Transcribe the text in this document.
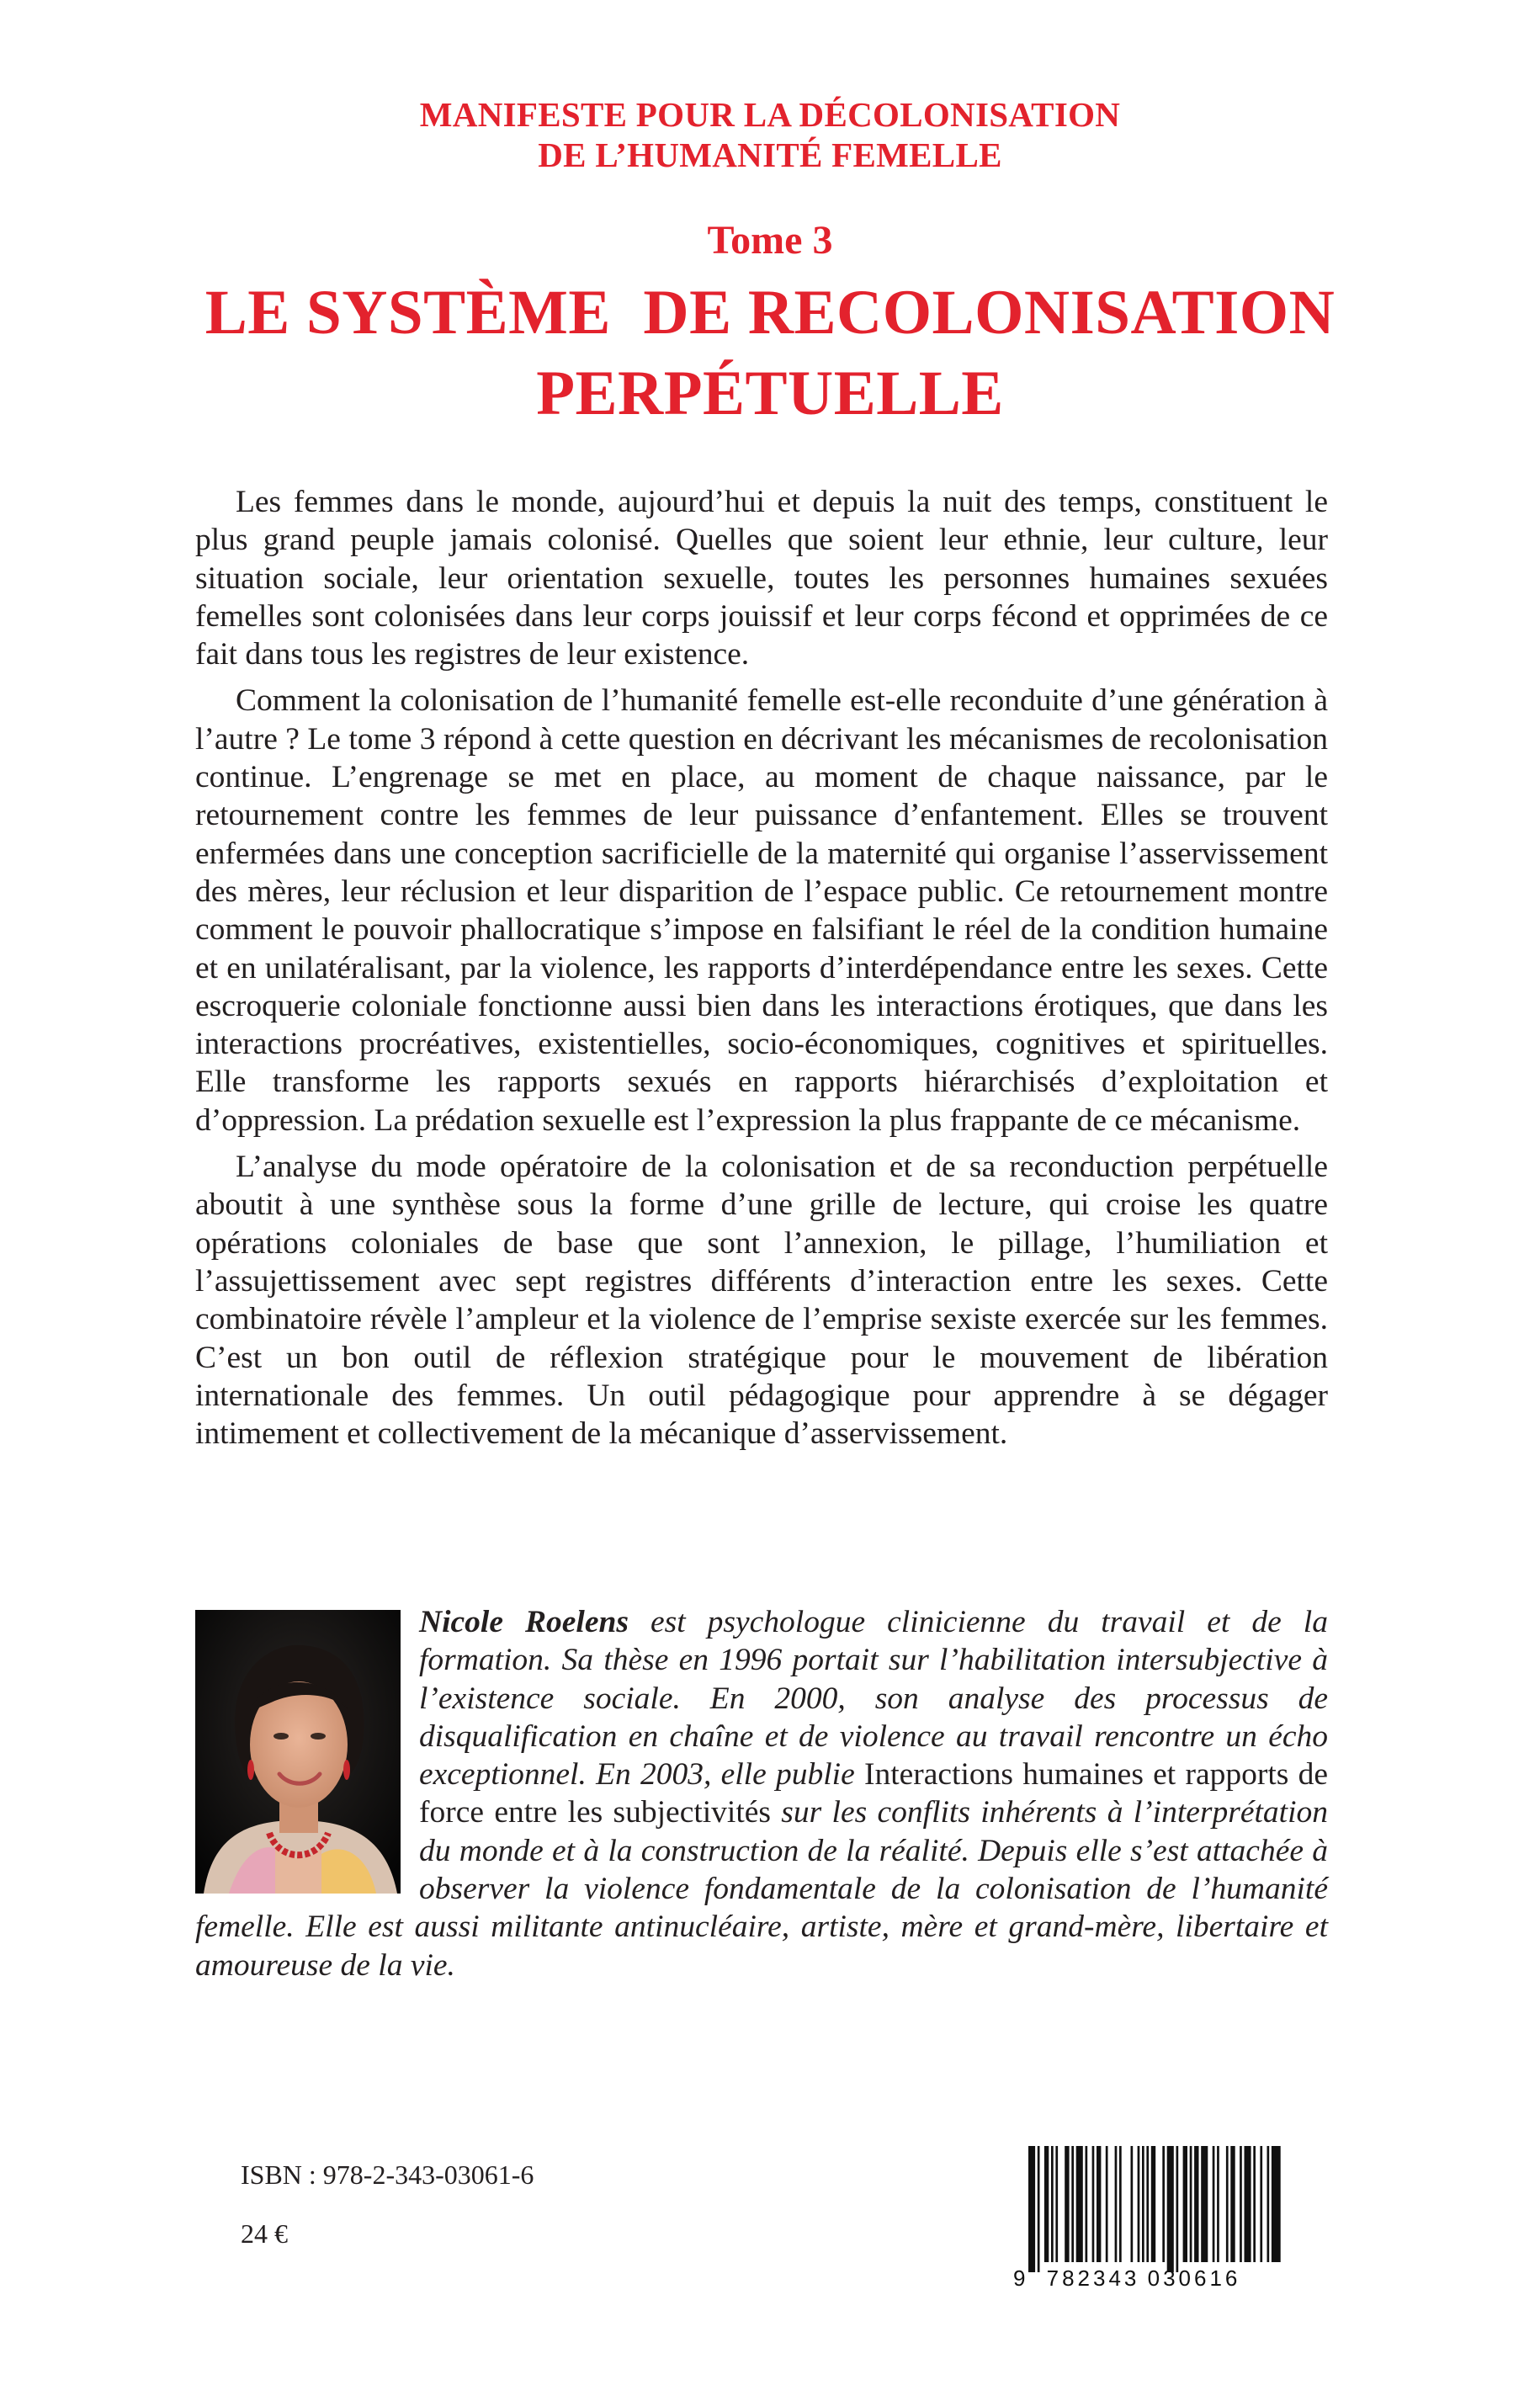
MANIFESTE POUR LA DÉCOLONISATION
DE L’HUMANITÉ FEMELLE
Tome 3
LE SYSTÈME  DE RECOLONISATION
PERPÉTUELLE

Les femmes dans le monde, aujourd’hui et depuis la nuit des temps, constituent le plus grand peuple jamais colonisé. Quelles que soient leur ethnie, leur culture, leur situation sociale, leur orientation sexuelle, toutes les personnes humaines sexuées femelles sont colonisées dans leur corps jouissif et leur corps fécond et opprimées de ce fait dans tous les registres de leur existence.

Comment la colonisation de l’humanité femelle est-elle reconduite d’une génération à l’autre ? Le tome 3 répond à cette question en décrivant les mécanismes de recolonisation continue. L’engrenage se met en place, au moment de chaque naissance, par le retournement contre les femmes de leur puissance d’enfantement. Elles se trouvent enfermées dans une conception sacrificielle de la maternité qui organise l’asservissement des mères, leur réclusion et leur disparition de l’espace public. Ce retournement montre comment le pouvoir phallocratique s’impose en falsifiant le réel de la condition humaine et en unilatéralisant, par la violence, les rapports d’interdépendance entre les sexes. Cette escroquerie coloniale fonctionne aussi bien dans les interactions érotiques, que dans les interactions procréatives, existentielles, socio-économiques, cognitives et spirituelles. Elle transforme les rapports sexués en rapports hiérarchisés d’exploitation et d’oppression. La prédation sexuelle est l’expression la plus frappante de ce mécanisme.

L’analyse du mode opératoire de la colonisation et de sa reconduction perpétuelle aboutit à une synthèse sous la forme d’une grille de lecture, qui croise les quatre opérations coloniales de base que sont l’annexion, le pillage, l’humiliation et l’assujettissement avec sept registres différents d’interaction entre les sexes. Cette combinatoire révèle l’ampleur et la violence de l’emprise sexiste exercée sur les femmes. C’est un bon outil de réflexion stratégique pour le mouvement de libération internationale des femmes. Un outil pédagogique pour apprendre à se dégager intimement et collectivement de la mécanique d’asservissement.

Nicole Roelens est psychologue clinicienne du travail et de la formation. Sa thèse en 1996 portait sur l’habilitation intersubjective à l’existence sociale. En 2000, son analyse des processus de disqualification en chaîne et de violence au travail rencontre un écho exceptionnel. En 2003, elle publie Interactions humaines et rapports de force entre les subjectivités sur les conflits inhérents à l’interprétation du monde et à la construction de la réalité. Depuis elle s’est attachée à observer la violence fondamentale de la colonisation de l’humanité femelle. Elle est aussi militante antinucléaire, artiste, mère et grand-mère, libertaire et amoureuse de la vie.

ISBN : 978-2-343-03061-6
24 €
9 782343 030616
